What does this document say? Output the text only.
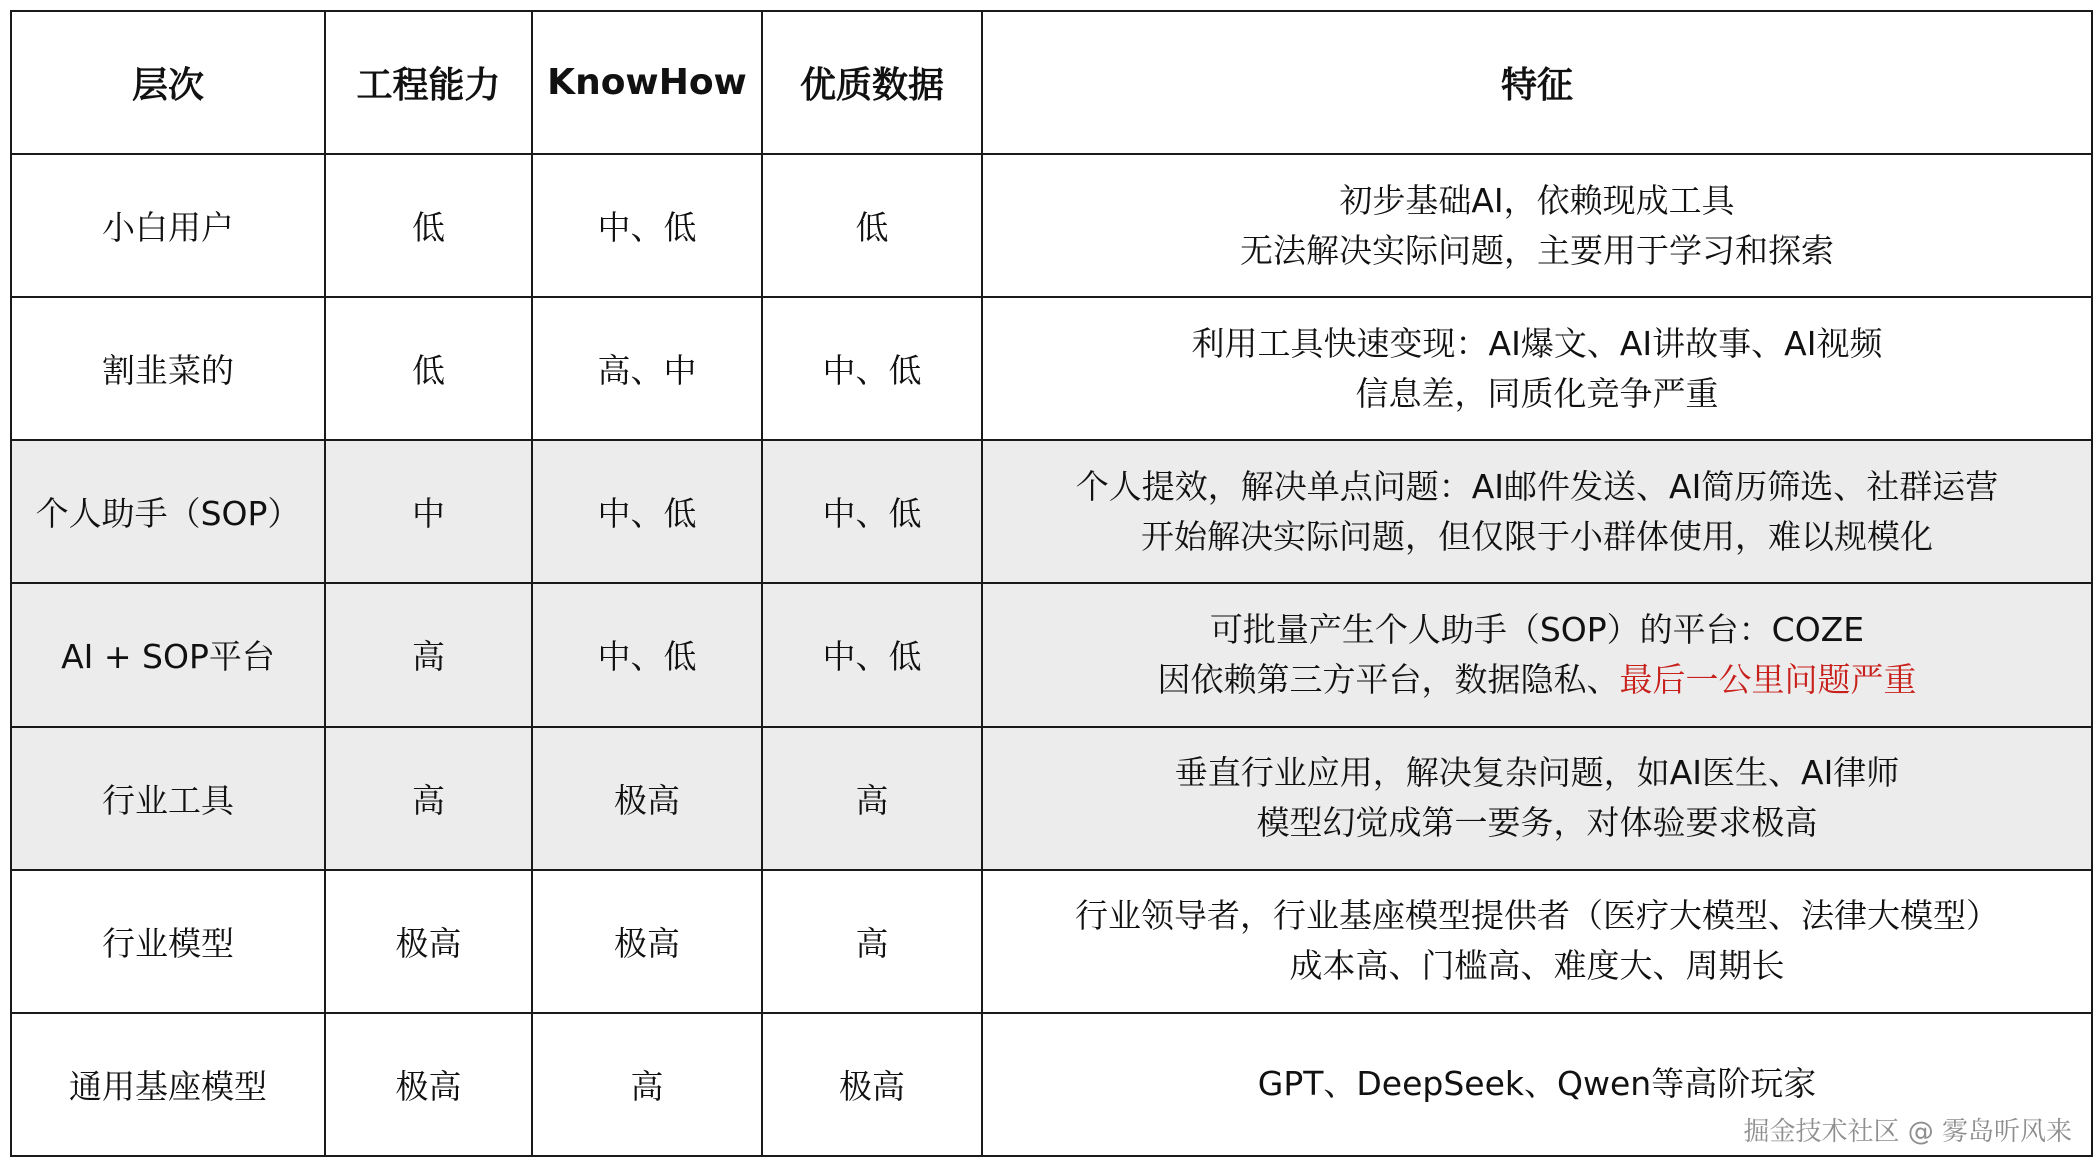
层次	工程能力	KnowHow	优质数据	特征
小白用户	低	中、低	低	初步基础AI，依赖现成工具
无法解决实际问题，主要用于学习和探索

割韭菜的	低	高、中	中、低	利用工具快速变现：AI爆文、AI讲故事、AI视频
信息差，同质化竞争严重

个人助手（SOP）	中	中、低	中、低	个人提效，解决单点问题：AI邮件发送、AI简历筛选、社群运营
开始解决实际问题，但仅限于小群体使用，难以规模化

AI + SOP平台	高	中、低	中、低	可批量产生个人助手（SOP）的平台：COZE
因依赖第三方平台，数据隐私、最后一公里问题严重

行业工具	高	极高	高	垂直行业应用，解决复杂问题，如AI医生、AI律师
模型幻觉成第一要务，对体验要求极高

行业模型	极高	极高	高	行业领导者，行业基座模型提供者（医疗大模型、法律大模型）
成本高、门槛高、难度大、周期长

通用基座模型	极高	高	极高	GPT、DeepSeek、Qwen等高阶玩家
掘金技术社区 @ 雾岛听风来
